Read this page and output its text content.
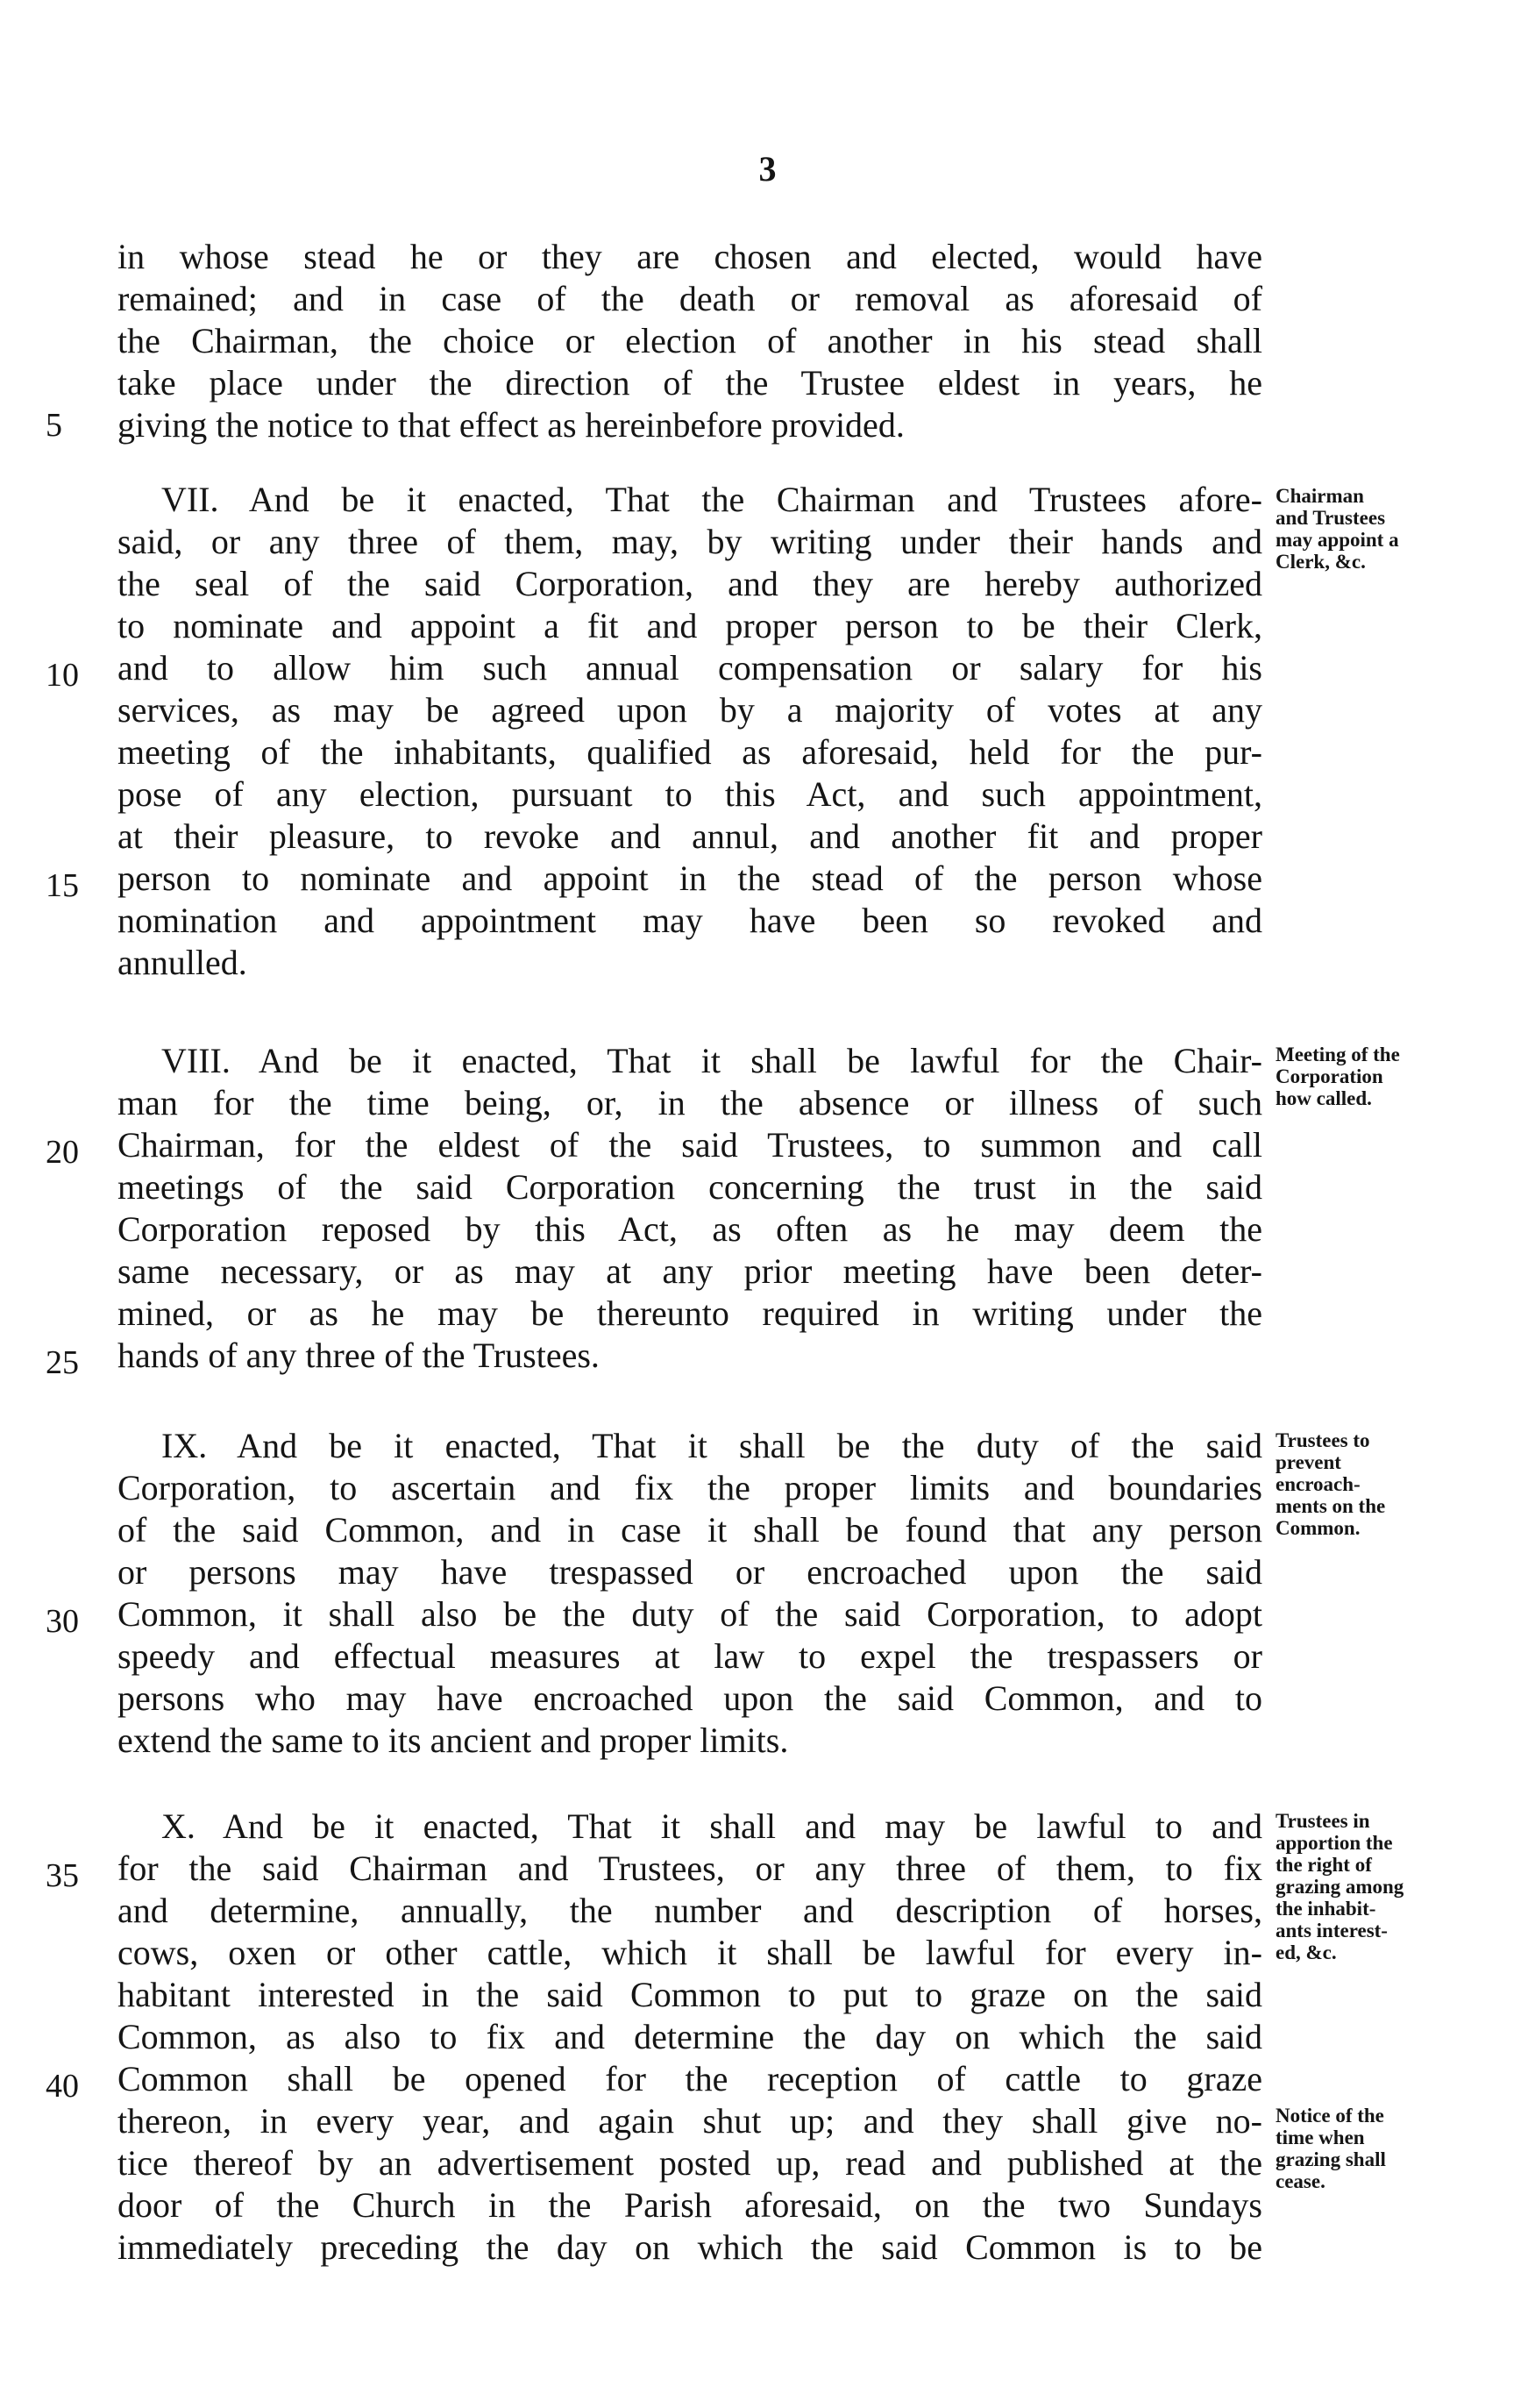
3
in whose stead he or they are chosen and elected, would have
remained; and in case of the death or removal as aforesaid of
the Chairman, the choice or election of another in his stead shall
take place under the direction of the Trustee eldest in years, he
giving the notice to that effect as hereinbefore provided.
VII. And be it enacted, That the Chairman and Trustees afore-
said, or any three of them, may, by writing under their hands and
the seal of the said Corporation, and they are hereby authorized
to nominate and appoint a fit and proper person to be their Clerk,
and to allow him such annual compensation or salary for his
services, as may be agreed upon by a majority of votes at any
meeting of the inhabitants, qualified as aforesaid, held for the pur-
pose of any election, pursuant to this Act, and such appointment,
at their pleasure, to revoke and annul, and another fit and proper
person to nominate and appoint in the stead of the person whose
nomination and appointment may have been so revoked and
annulled.
VIII. And be it enacted, That it shall be lawful for the Chair-
man for the time being, or, in the absence or illness of such
Chairman, for the eldest of the said Trustees, to summon and call
meetings of the said Corporation concerning the trust in the said
Corporation reposed by this Act, as often as he may deem the
same necessary, or as may at any prior meeting have been deter-
mined, or as he may be thereunto required in writing under the
hands of any three of the Trustees.
IX. And be it enacted, That it shall be the duty of the said
Corporation, to ascertain and fix the proper limits and boundaries
of the said Common, and in case it shall be found that any person
or persons may have trespassed or encroached upon the said
Common, it shall also be the duty of the said Corporation, to adopt
speedy and effectual measures at law to expel the trespassers or
persons who may have encroached upon the said Common, and to
extend the same to its ancient and proper limits.
X. And be it enacted, That it shall and may be lawful to and
for the said Chairman and Trustees, or any three of them, to fix
and determine, annually, the number and description of horses,
cows, oxen or other cattle, which it shall be lawful for every in-
habitant interested in the said Common to put to graze on the said
Common, as also to fix and determine the day on which the said
Common shall be opened for the reception of cattle to graze
thereon, in every year, and again shut up; and they shall give no-
tice thereof by an advertisement posted up, read and published at the
door of the Church in the Parish aforesaid, on the two Sundays
immediately preceding the day on which the said Common is to be
5
10
15
20
25
30
35
40
Chairman
and Trustees
may appoint a
Clerk, &c.
Meeting of the
Corporation
how called.
Trustees to
prevent
encroach-
ments on the
Common.
Trustees in
apportion the
the right of
grazing among
the inhabit-
ants interest-
ed, &c.
Notice of the
time when
grazing shall
cease.
